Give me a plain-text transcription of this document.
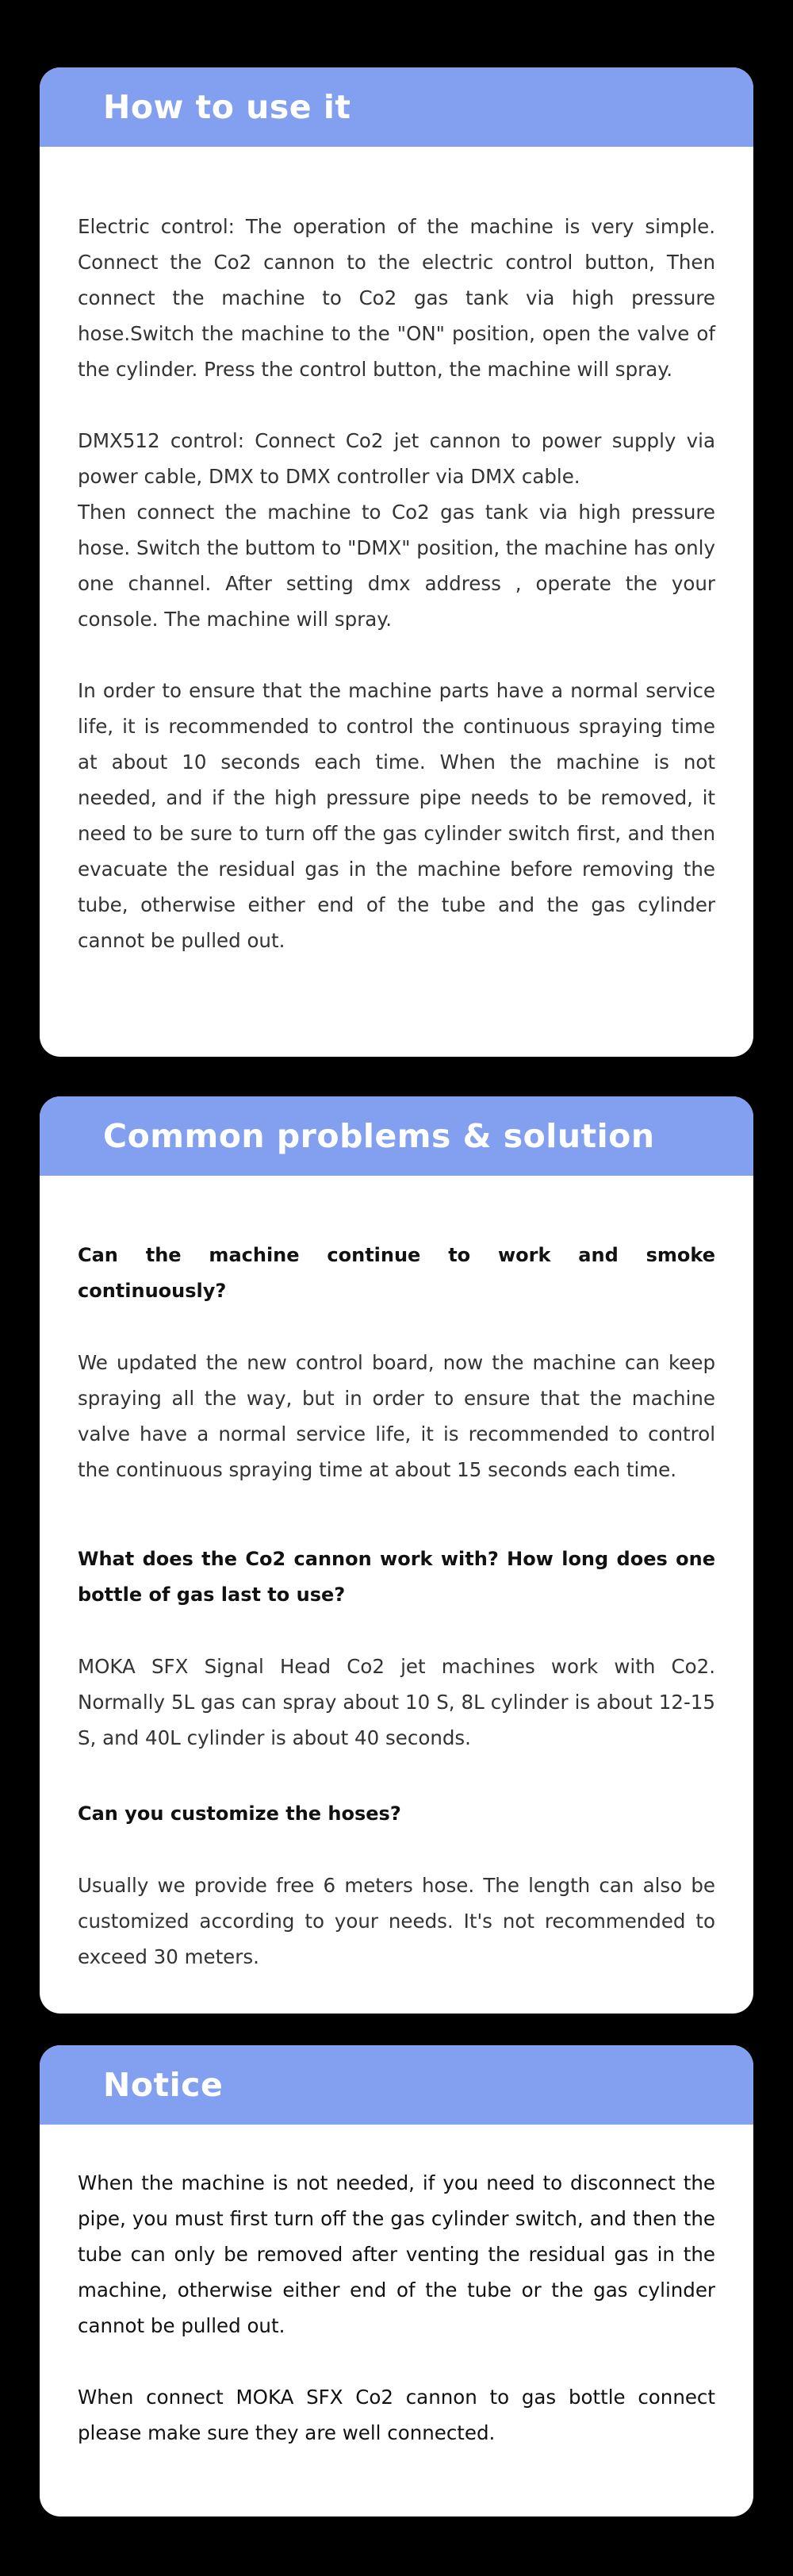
How to use it

Electric control: The operation of the machine is very simple. Connect the Co2 cannon to the electric control button, Then connect the machine to Co2 gas tank via high pressure hose.Switch the machine to the "ON" position, open the valve of the cylinder. Press the control button, the machine will spray.

DMX512 control: Connect Co2 jet cannon to power supply via power cable, DMX to DMX controller via DMX cable.
Then connect the machine to Co2 gas tank via high pressure hose. Switch the buttom to "DMX" position, the machine has only one channel. After setting dmx address , operate the your console. The machine will spray.

In order to ensure that the machine parts have a normal service life, it is recommended to control the continuous spraying time at about 10 seconds each time. When the machine is not needed, and if the high pressure pipe needs to be removed, it need to be sure to turn off the gas cylinder switch first, and then evacuate the residual gas in the machine before removing the tube, otherwise either end of the tube and the gas cylinder cannot be pulled out.

Common problems & solution

Can the machine continue to work and smoke continuously?

We updated the new control board, now the machine can keep spraying all the way, but in order to ensure that the machine valve have a normal service life, it is recommended to control the continuous spraying time at about 15 seconds each time.

What does the Co2 cannon work with? How long does one bottle of gas last to use?

MOKA SFX Signal Head Co2 jet machines work with Co2. Normally 5L gas can spray about 10 S, 8L cylinder is about 12-15 S, and 40L cylinder is about 40 seconds.

Can you customize the hoses?

Usually we provide free 6 meters hose. The length can also be customized according to your needs. It's not recommended to exceed 30 meters.

Notice

When the machine is not needed, if you need to disconnect the pipe, you must first turn off the gas cylinder switch, and then the tube can only be removed after venting the residual gas in the machine, otherwise either end of the tube or the gas cylinder cannot be pulled out.

When connect MOKA SFX Co2 cannon to gas bottle connect please make sure they are well connected.
